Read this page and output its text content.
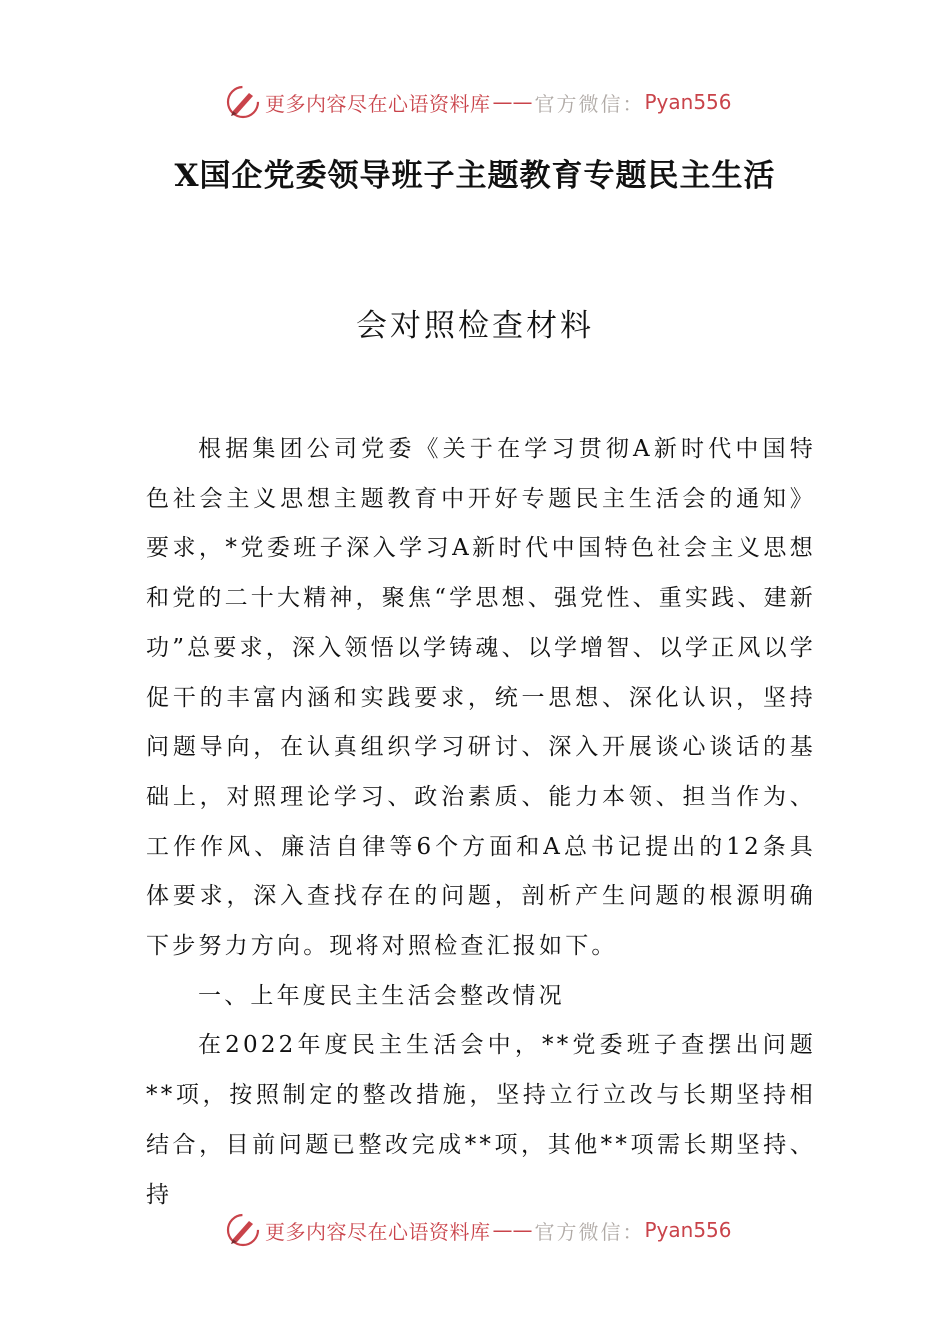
更多内容尽在心语资料库 —— 官方微信： Pyan556
X国企党委领导班子主题教育专题民主生活
会对照检查材料

根据集团公司党委《关于在学习贯彻A新时代中国特色社会主义思想主题教育中开好专题民主生活会的通知》要求，*党委班子深入学习A新时代中国特色社会主义思想和党的二十大精神，聚焦“学思想、强党性、重实践、建新功”总要求，深入领悟以学铸魂、以学增智、以学正风以学促干的丰富内涵和实践要求，统一思想、深化认识，坚持问题导向，在认真组织学习研讨、深入开展谈心谈话的基础上，对照理论学习、政治素质、能力本领、担当作为、工作作风、廉洁自律等6个方面和A总书记提出的12条具体要求，深入查找存在的问题，剖析产生问题的根源明确下步努力方向。现将对照检查汇报如下。

一、上年度民主生活会整改情况

在2022年度民主生活会中，**党委班子查摆出问题**项，按照制定的整改措施，坚持立行立改与长期坚持相结合，目前问题已整改完成**项，其他**项需长期坚持、持

更多内容尽在心语资料库 —— 官方微信： Pyan556
